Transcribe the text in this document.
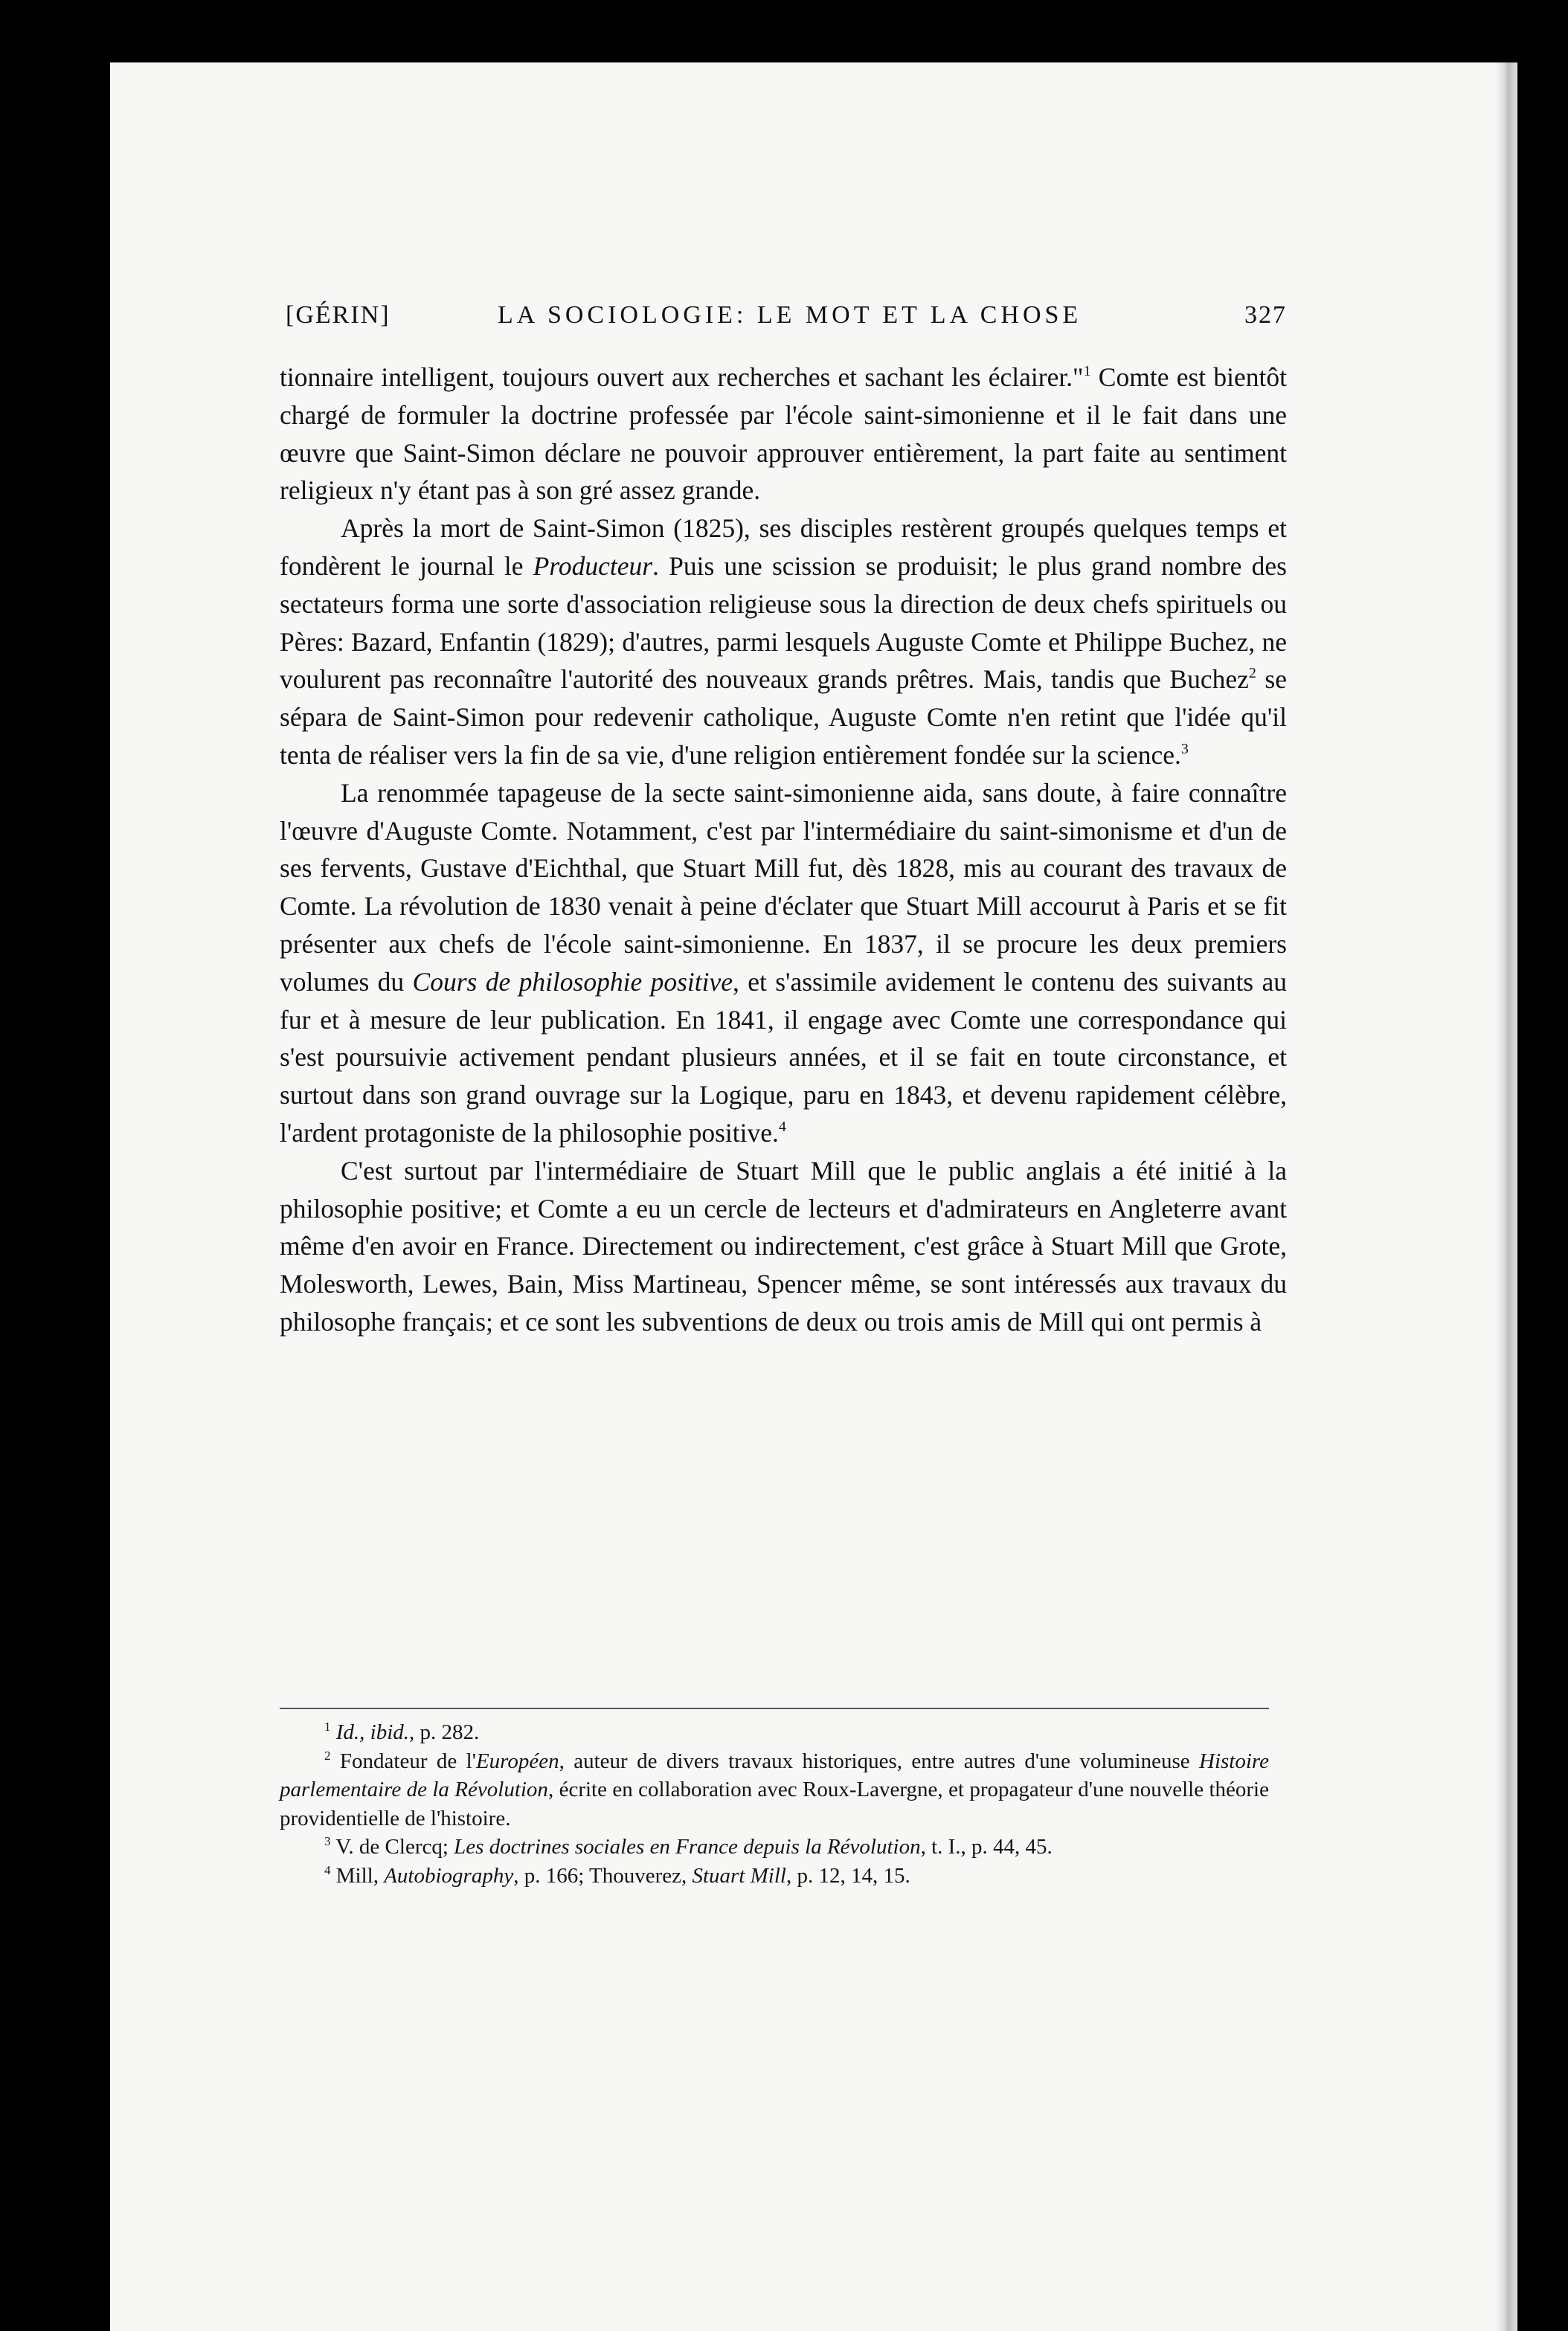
[GÉRIN]	LA SOCIOLOGIE: LE MOT ET LA CHOSE	327

tionnaire intelligent, toujours ouvert aux recherches et sachant les éclairer."$^1$ Comte est bientôt chargé de formuler la doctrine professée par l'école saint-simonienne et il le fait dans une œuvre que Saint-Simon déclare ne pouvoir approuver entièrement, la part faite au sentiment religieux n'y étant pas à son gré assez grande.

Après la mort de Saint-Simon (1825), ses disciples restèrent groupés quelques temps et fondèrent le journal le Producteur. Puis une scission se produisit; le plus grand nombre des sectateurs forma une sorte d'association religieuse sous la direction de deux chefs spirituels ou Pères: Bazard, Enfantin (1829); d'autres, parmi lesquels Auguste Comte et Philippe Buchez, ne voulurent pas reconnaître l'autorité des nouveaux grands prêtres. Mais, tandis que Buchez$^2$ se sépara de Saint-Simon pour redevenir catholique, Auguste Comte n'en retint que l'idée qu'il tenta de réaliser vers la fin de sa vie, d'une religion entièrement fondée sur la science.$^3$

La renommée tapageuse de la secte saint-simonienne aida, sans doute, à faire connaître l'œuvre d'Auguste Comte. Notamment, c'est par l'intermédiaire du saint-simonisme et d'un de ses fervents, Gustave d'Eichthal, que Stuart Mill fut, dès 1828, mis au courant des travaux de Comte. La révolution de 1830 venait à peine d'éclater que Stuart Mill accourut à Paris et se fit présenter aux chefs de l'école saint-simonienne. En 1837, il se procure les deux premiers volumes du Cours de philosophie positive, et s'assimile avidement le contenu des suivants au fur et à mesure de leur publication. En 1841, il engage avec Comte une correspondance qui s'est poursuivie activement pendant plusieurs années, et il se fait en toute circonstance, et surtout dans son grand ouvrage sur la Logique, paru en 1843, et devenu rapidement célèbre, l'ardent protagoniste de la philosophie positive.$^4$

C'est surtout par l'intermédiaire de Stuart Mill que le public anglais a été initié à la philosophie positive; et Comte a eu un cercle de lecteurs et d'admirateurs en Angleterre avant même d'en avoir en France. Directement ou indirectement, c'est grâce à Stuart Mill que Grote, Molesworth, Lewes, Bain, Miss Martineau, Spencer même, se sont intéressés aux travaux du philosophe français; et ce sont les subventions de deux ou trois amis de Mill qui ont permis à

$^1$ Id., ibid., p. 282.

$^2$ Fondateur de l'Européen, auteur de divers travaux historiques, entre autres d'une volumineuse Histoire parlementaire de la Révolution, écrite en collaboration avec Roux-Lavergne, et propagateur d'une nouvelle théorie providentielle de l'histoire.

$^3$ V. de Clercq; Les doctrines sociales en France depuis la Révolution, t. I., p. 44, 45.

$^4$ Mill, Autobiography, p. 166; Thouverez, Stuart Mill, p. 12, 14, 15.
